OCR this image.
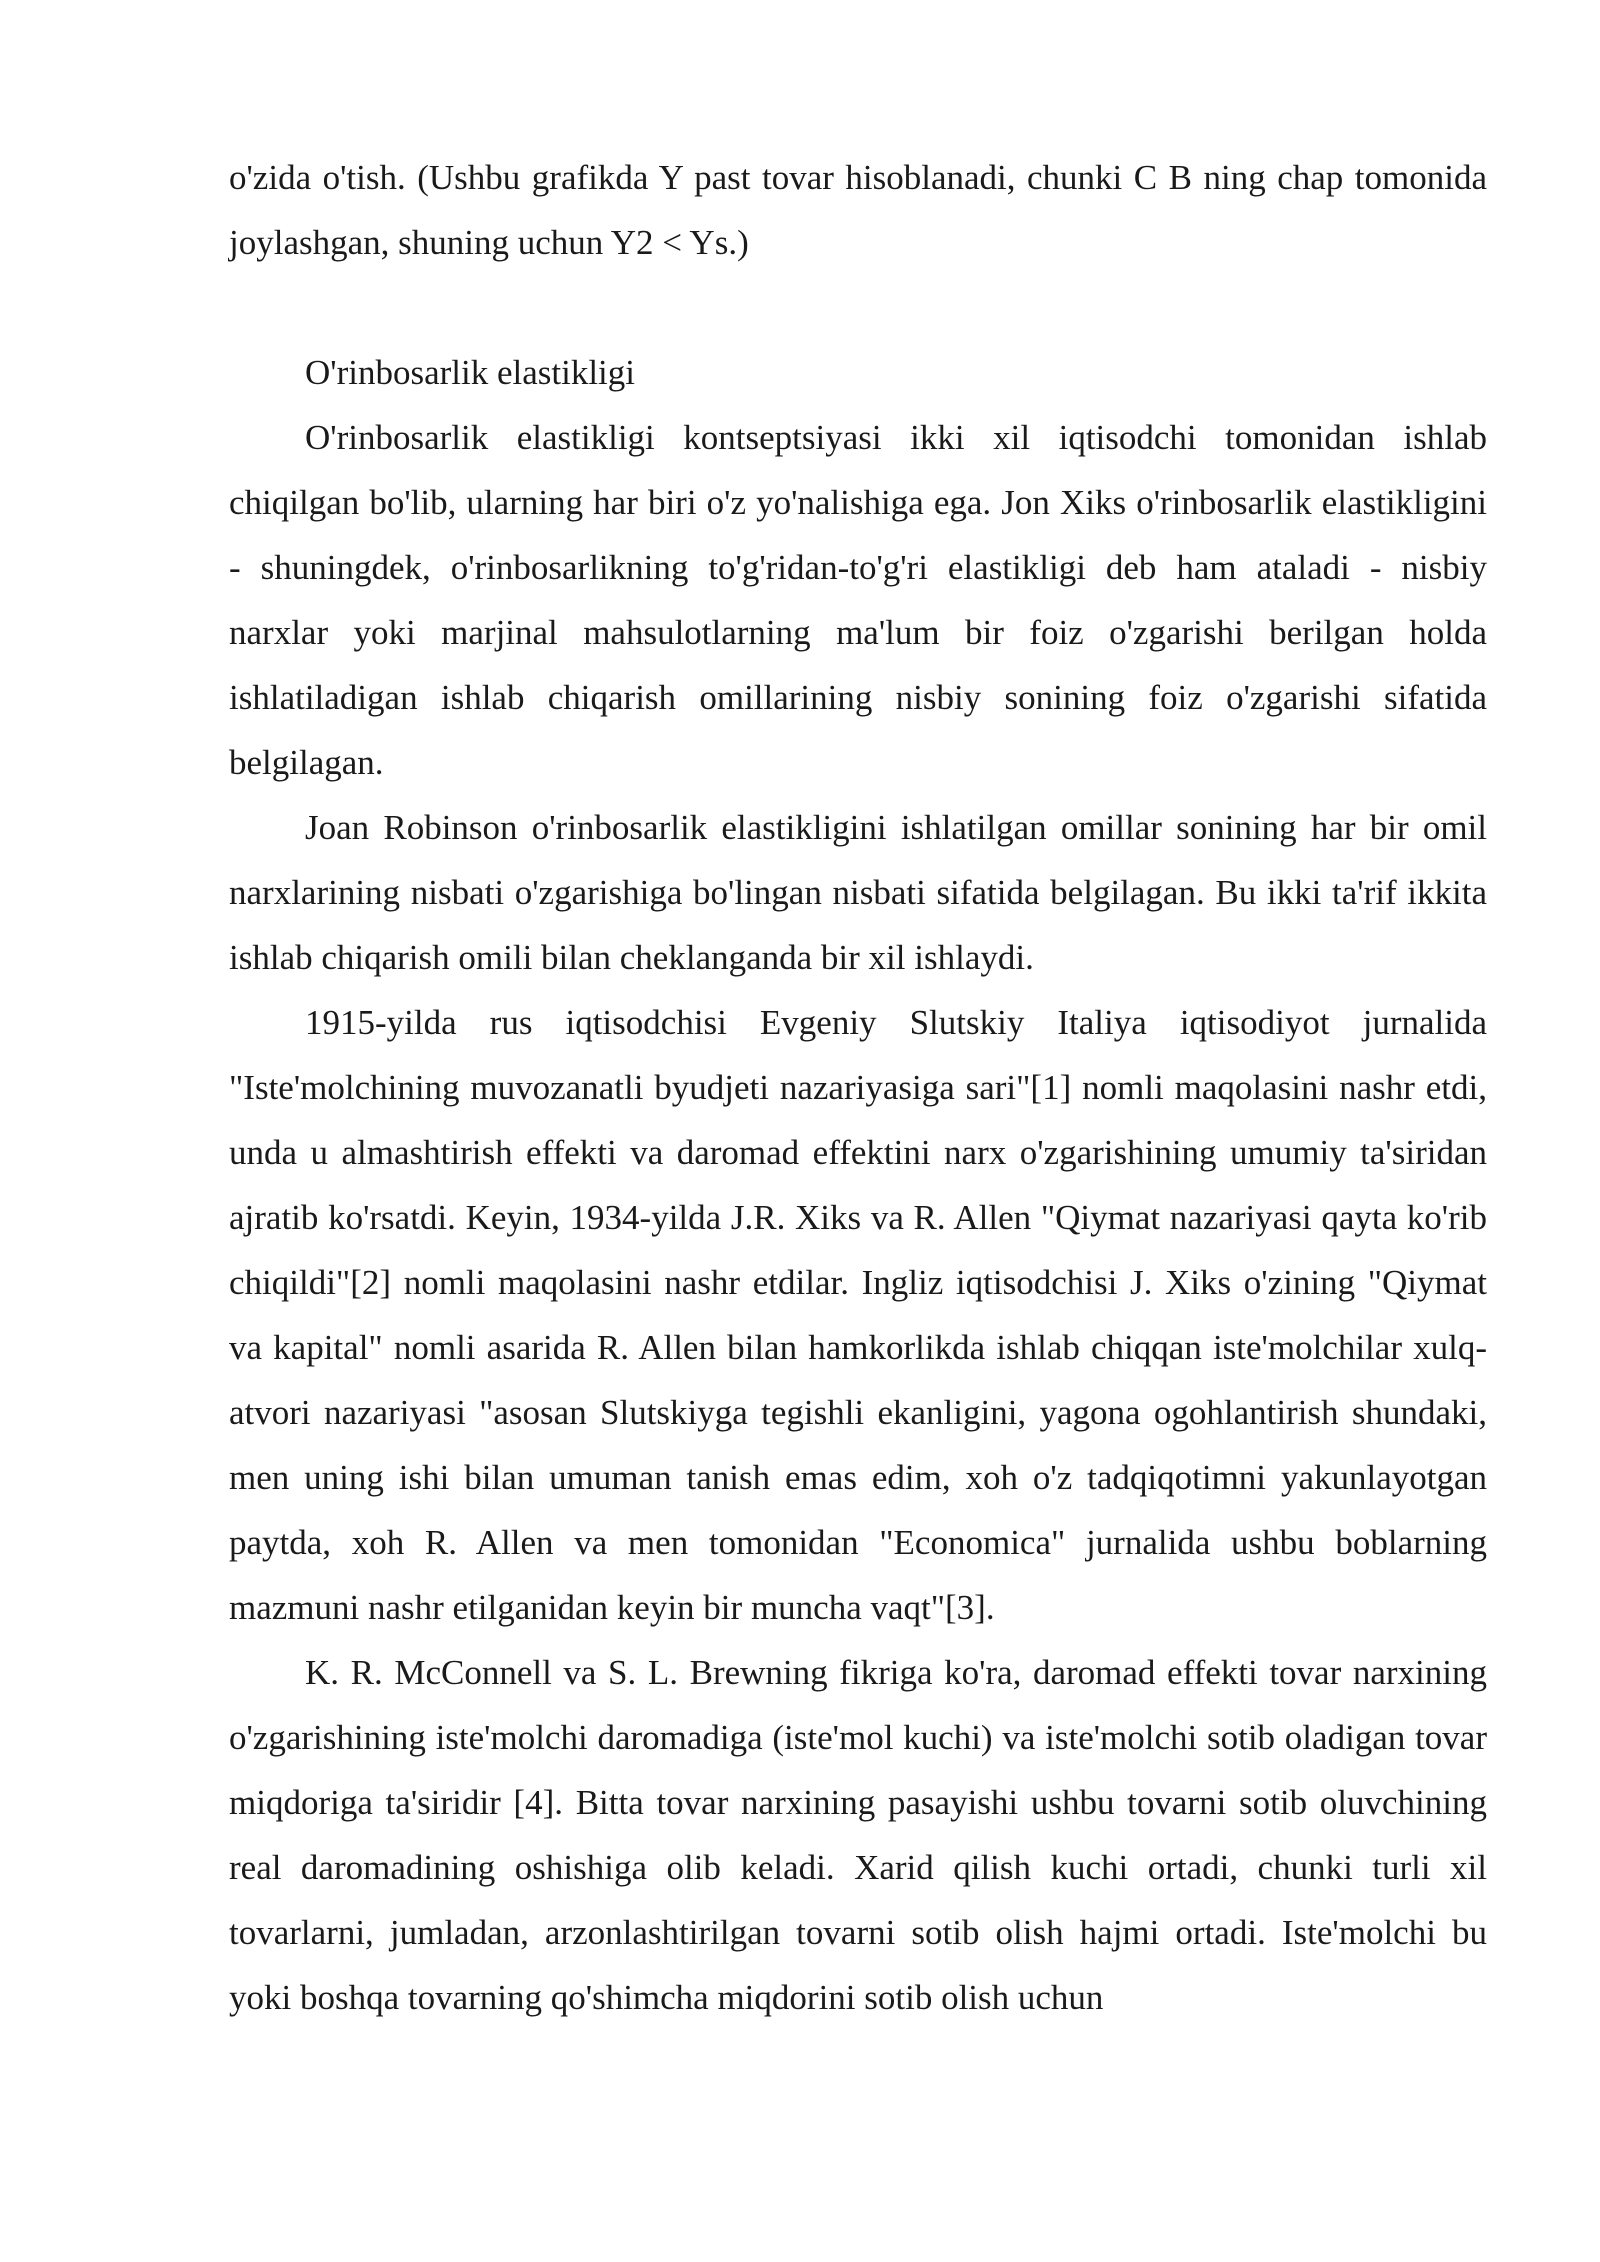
o'zida o'tish. (Ushbu grafikda Y past tovar hisoblanadi, chunki C B ning chap tomonida joylashgan, shuning uchun Y2 < Ys.)

O'rinbosarlik elastikligi

O'rinbosarlik elastikligi kontseptsiyasi ikki xil iqtisodchi tomonidan ishlab chiqilgan bo'lib, ularning har biri o'z yo'nalishiga ega. Jon Xiks o'rinbosarlik elastikligini - shuningdek, o'rinbosarlikning to'g'ridan-to'g'ri elastikligi deb ham ataladi - nisbiy narxlar yoki marjinal mahsulotlarning ma'lum bir foiz o'zgarishi berilgan holda ishlatiladigan ishlab chiqarish omillarining nisbiy sonining foiz o'zgarishi sifatida belgilagan.

Joan Robinson o'rinbosarlik elastikligini ishlatilgan omillar sonining har bir omil narxlarining nisbati o'zgarishiga bo'lingan nisbati sifatida belgilagan. Bu ikki ta'rif ikkita ishlab chiqarish omili bilan cheklanganda bir xil ishlaydi.

1915-yilda rus iqtisodchisi Evgeniy Slutskiy Italiya iqtisodiyot jurnalida "Iste'molchining muvozanatli byudjeti nazariyasiga sari"[1] nomli maqolasini nashr etdi, unda u almashtirish effekti va daromad effektini narx o'zgarishining umumiy ta'siridan ajratib ko'rsatdi. Keyin, 1934-yilda J.R. Xiks va R. Allen "Qiymat nazariyasi qayta ko'rib chiqildi"[2] nomli maqolasini nashr etdilar. Ingliz iqtisodchisi J. Xiks o'zining "Qiymat va kapital" nomli asarida R. Allen bilan hamkorlikda ishlab chiqqan iste'molchilar xulq-atvori nazariyasi "asosan Slutskiyga tegishli ekanligini, yagona ogohlantirish shundaki, men uning ishi bilan umuman tanish emas edim, xoh o'z tadqiqotimni yakunlayotgan paytda, xoh R. Allen va men tomonidan "Economica" jurnalida ushbu boblarning mazmuni nashr etilganidan keyin bir muncha vaqt"[3].

K. R. McConnell va S. L. Brewning fikriga ko'ra, daromad effekti tovar narxining o'zgarishining iste'molchi daromadiga (iste'mol kuchi) va iste'molchi sotib oladigan tovar miqdoriga ta'siridir [4]. Bitta tovar narxining pasayishi ushbu tovarni sotib oluvchining real daromadining oshishiga olib keladi. Xarid qilish kuchi ortadi, chunki turli xil tovarlarni, jumladan, arzonlashtirilgan tovarni sotib olish hajmi ortadi. Iste'molchi bu yoki boshqa tovarning qo'shimcha miqdorini sotib olish uchun
